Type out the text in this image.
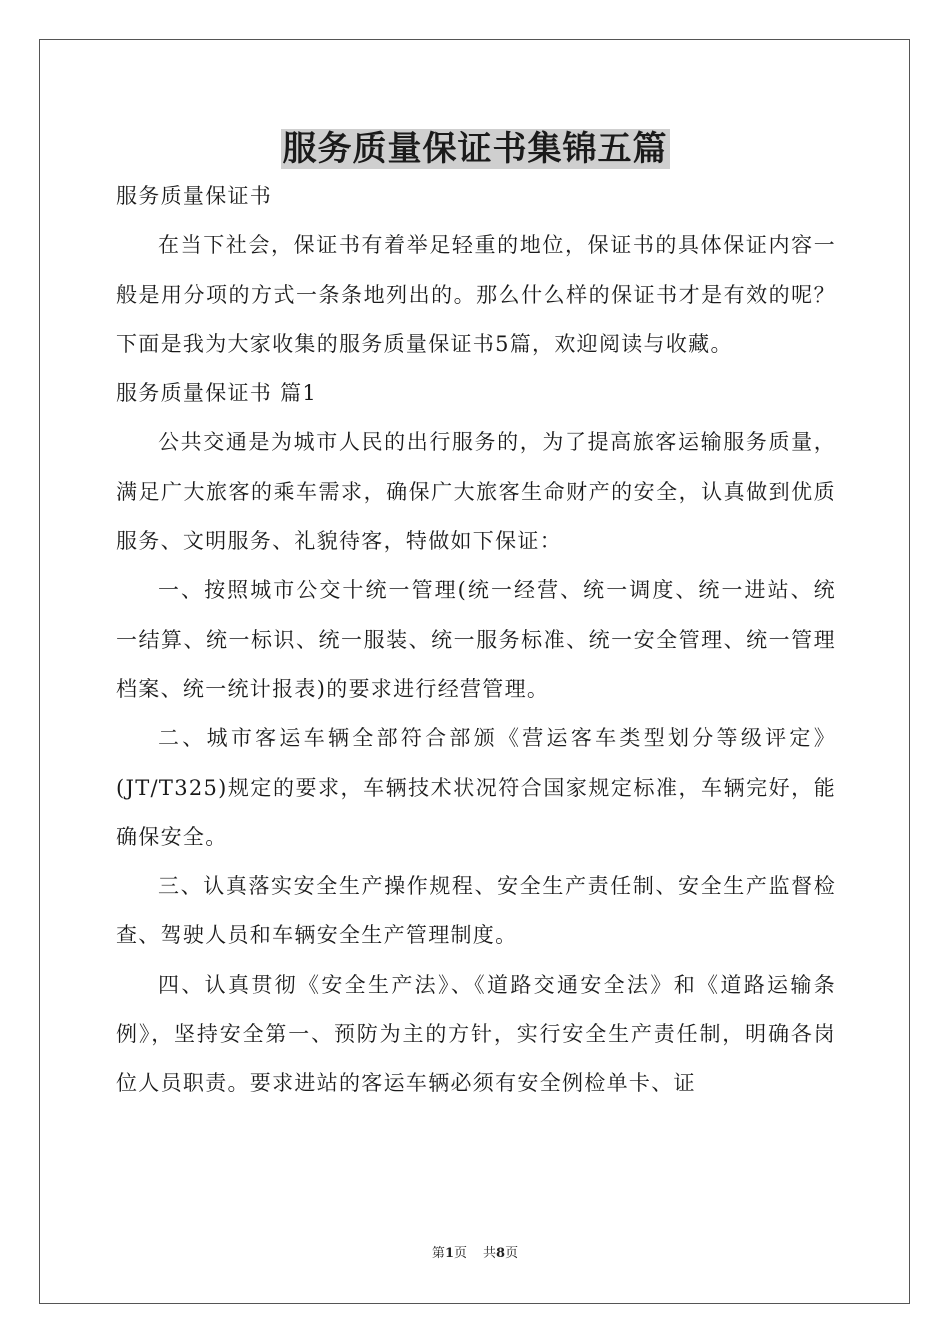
服务质量保证书集锦五篇

服务质量保证书

在当下社会，保证书有着举足轻重的地位，保证书的具体保证内容一般是用分项的方式一条条地列出的。那么什么样的保证书才是有效的呢？下面是我为大家收集的服务质量保证书5篇，欢迎阅读与收藏。

服务质量保证书 篇1

公共交通是为城市人民的出行服务的，为了提高旅客运输服务质量，满足广大旅客的乘车需求，确保广大旅客生命财产的安全，认真做到优质服务、文明服务、礼貌待客，特做如下保证：

一、按照城市公交十统一管理(统一经营、统一调度、统一进站、统一结算、统一标识、统一服装、统一服务标准、统一安全管理、统一管理档案、统一统计报表)的要求进行经营管理。

二、城市客运车辆全部符合部颁《营运客车类型划分等级评定》(JT/T325)规定的要求，车辆技术状况符合国家规定标准，车辆完好，能确保安全。

三、认真落实安全生产操作规程、安全生产责任制、安全生产监督检查、驾驶人员和车辆安全生产管理制度。

四、认真贯彻《安全生产法》、《道路交通安全法》和《道路运输条例》，坚持安全第一、预防为主的方针，实行安全生产责任制，明确各岗位人员职责。要求进站的客运车辆必须有安全例检单卡、证

第1页 共8页
